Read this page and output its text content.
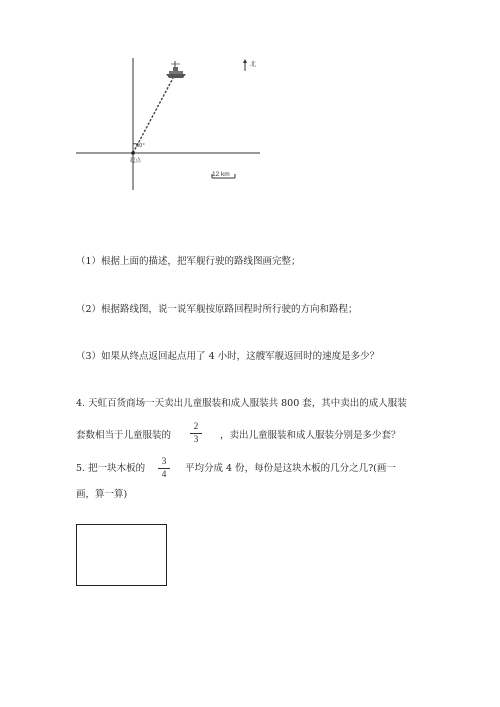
60°
起点
北
12 km
（1）根据上面的描述，把军舰行驶的路线图画完整；
（2）根据路线图，说一说军舰按原路回程时所行驶的方向和路程；
（3）如果从终点返回起点用了 4 小时，这艘军舰返回时的速度是多少？
4. 天虹百货商场一天卖出儿童服装和成人服装共 800 套，其中卖出的成人服装
套数相当于儿童服装的
2
3	，卖出儿童服装和成人服装分别是多少套？
5. 把一块木板的
3
4
平均分成 4 份，每份是这块木板的几分之几?(画一
画，算一算)
